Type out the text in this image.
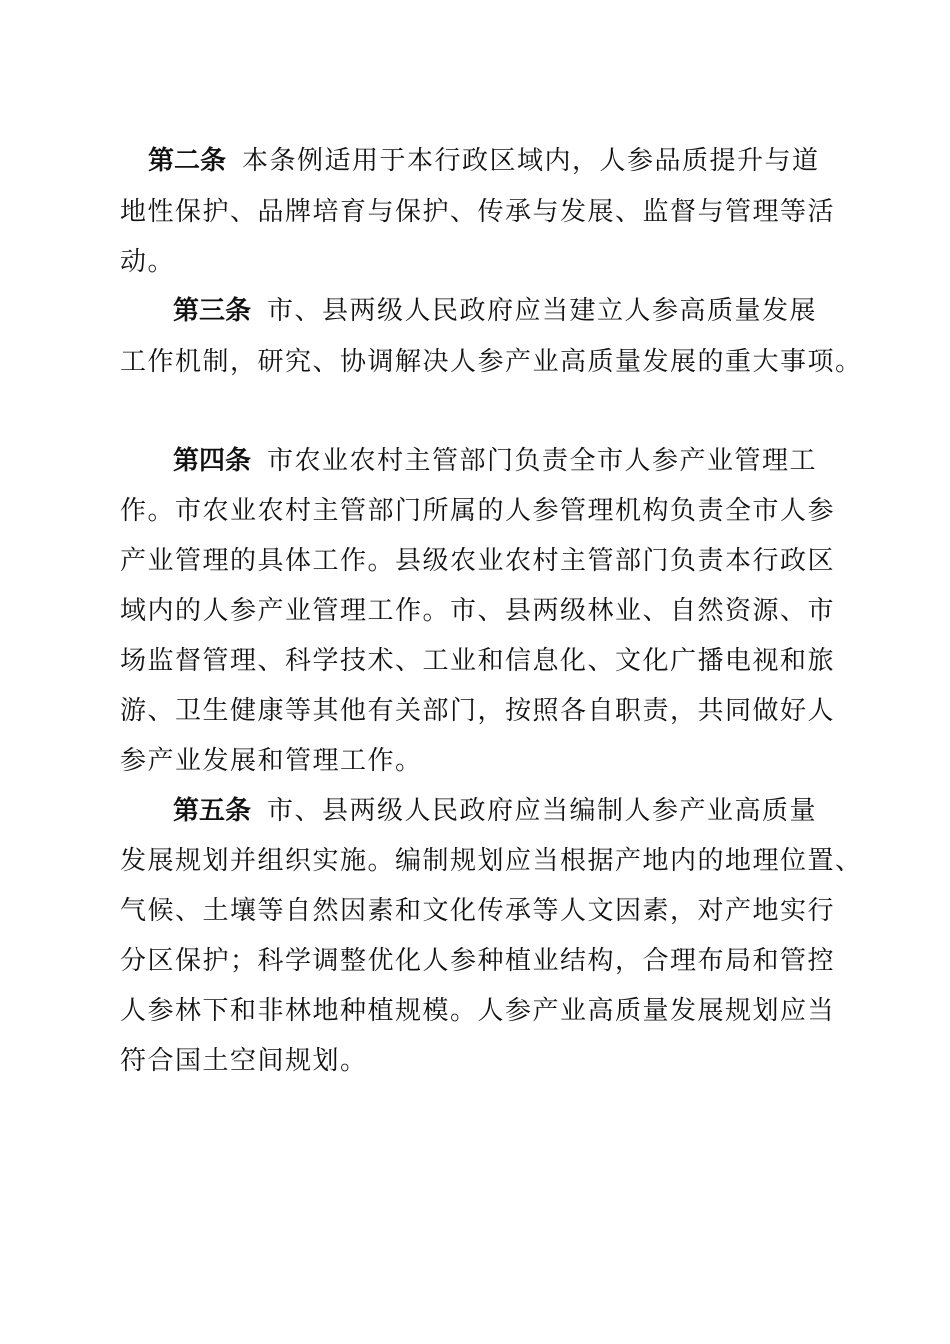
第二条 本条例适用于本行政区域内，人参品质提升与道
地性保护、品牌培育与保护、传承与发展、监督与管理等活
动。
第三条 市、县两级人民政府应当建立人参高质量发展
工作机制，研究、协调解决人参产业高质量发展的重大事项。
第四条 市农业农村主管部门负责全市人参产业管理工
作。市农业农村主管部门所属的人参管理机构负责全市人参
产业管理的具体工作。县级农业农村主管部门负责本行政区
域内的人参产业管理工作。市、县两级林业、自然资源、市
场监督管理、科学技术、工业和信息化、文化广播电视和旅
游、卫生健康等其他有关部门，按照各自职责，共同做好人
参产业发展和管理工作。
第五条 市、县两级人民政府应当编制人参产业高质量
发展规划并组织实施。编制规划应当根据产地内的地理位置、
气候、土壤等自然因素和文化传承等人文因素，对产地实行
分区保护；科学调整优化人参种植业结构，合理布局和管控
人参林下和非林地种植规模。人参产业高质量发展规划应当
符合国土空间规划。
